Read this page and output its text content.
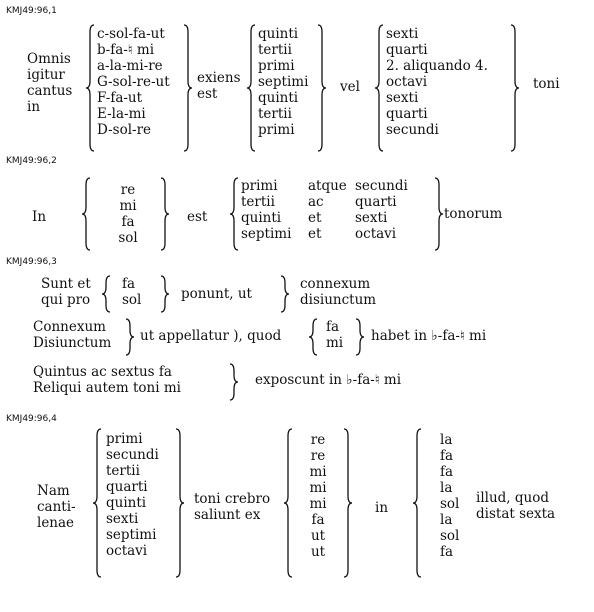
KMJ49:96,1
Omnis
igitur
cantus
in
c-sol-fa-ut
b-fa-♮ mi
a-la-mi-re
G-sol-re-ut
F-fa-ut
E-la-mi
D-sol-re
exiens
est
quinti
tertii
primi
septimi
quinti
tertii
primi
vel
sexti
quarti
2. aliquando 4.
octavi
sexti
quarti
secundi
toni
KMJ49:96,2
In
re
mi
fa
sol
est
primi
tertii
quinti
septimi
atque
ac
et
et
secundi
quarti
sexti
octavi
tonorum
KMJ49:96,3
Sunt et
qui pro
fa
sol	ponunt, ut
connexum
disiunctum
Connexum
Disiunctum ut appellatur ), quod
fa
mi habet in ♭-fa-♮ mi
Quintus ac sextus fa
Reliqui autem toni mi	exposcunt in ♭-fa-♮ mi
KMJ49:96,4
Nam
canti-
lenae
primi
secundi
tertii
quarti
quinti
sexti
septimi
octavi
toni crebro
saliunt ex
re
re
mi
mi
mi
fa
ut
ut
in
la
fa
fa
la
sol
la
sol
fa
illud, quod
distat sexta
